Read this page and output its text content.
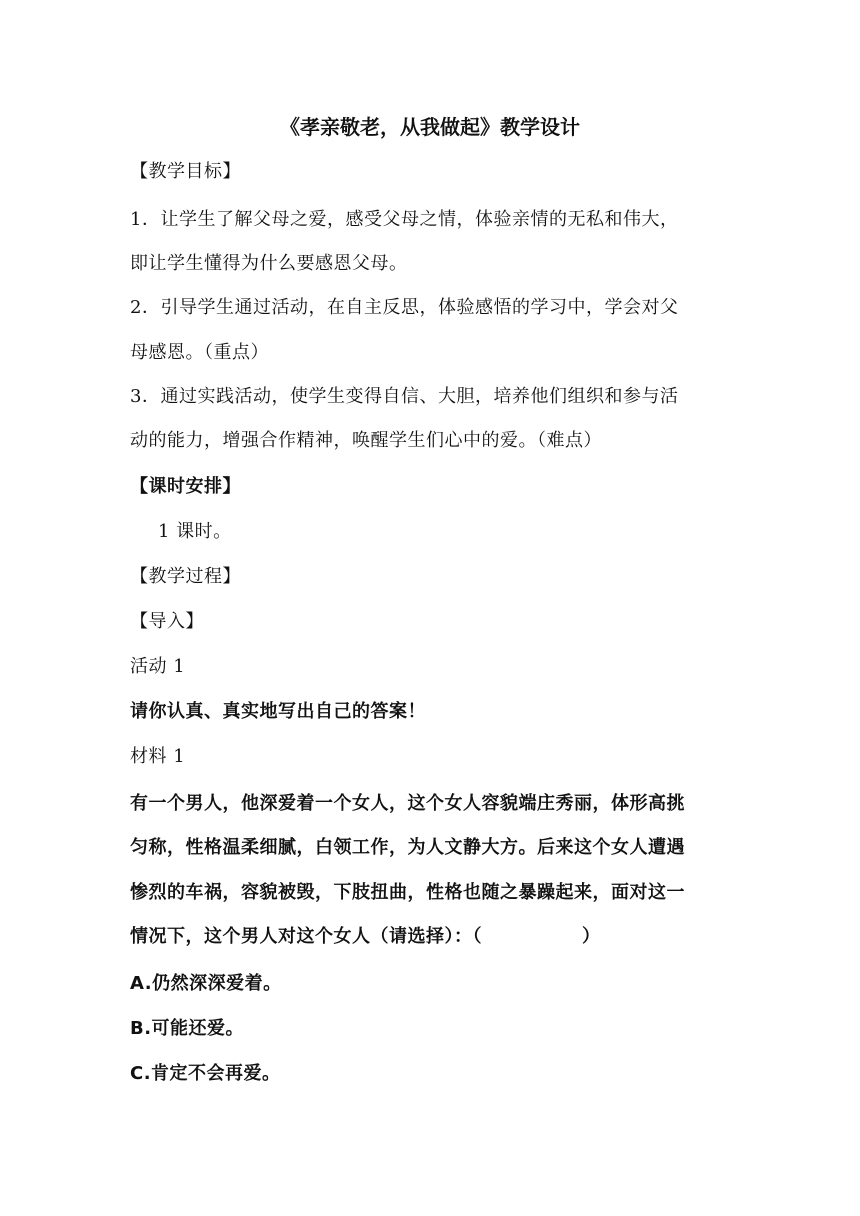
《孝亲敬老，从我做起》教学设计
【教学目标】
1．让学生了解父母之爱，感受父母之情，体验亲情的无私和伟大，
即让学生懂得为什么要感恩父母。
2．引导学生通过活动，在自主反思，体验感悟的学习中，学会对父
母感恩。（重点）
3．通过实践活动，使学生变得自信、大胆，培养他们组织和参与活
动的能力，增强合作精神，唤醒学生们心中的爱。（难点）
【课时安排】
1 课时。
【教学过程】
【导入】
活动 1
请你认真、真实地写出自己的答案！
材料 1
有一个男人，他深爱着一个女人，这个女人容貌端庄秀丽，体形高挑
匀称，性格温柔细腻，白领工作，为人文静大方。后来这个女人遭遇
惨烈的车祸，容貌被毁，下肢扭曲，性格也随之暴躁起来，面对这一
情况下，这个男人对这个女人（请选择）：（	）
A.仍然深深爱着。
B.可能还爱。
C.肯定不会再爱。
